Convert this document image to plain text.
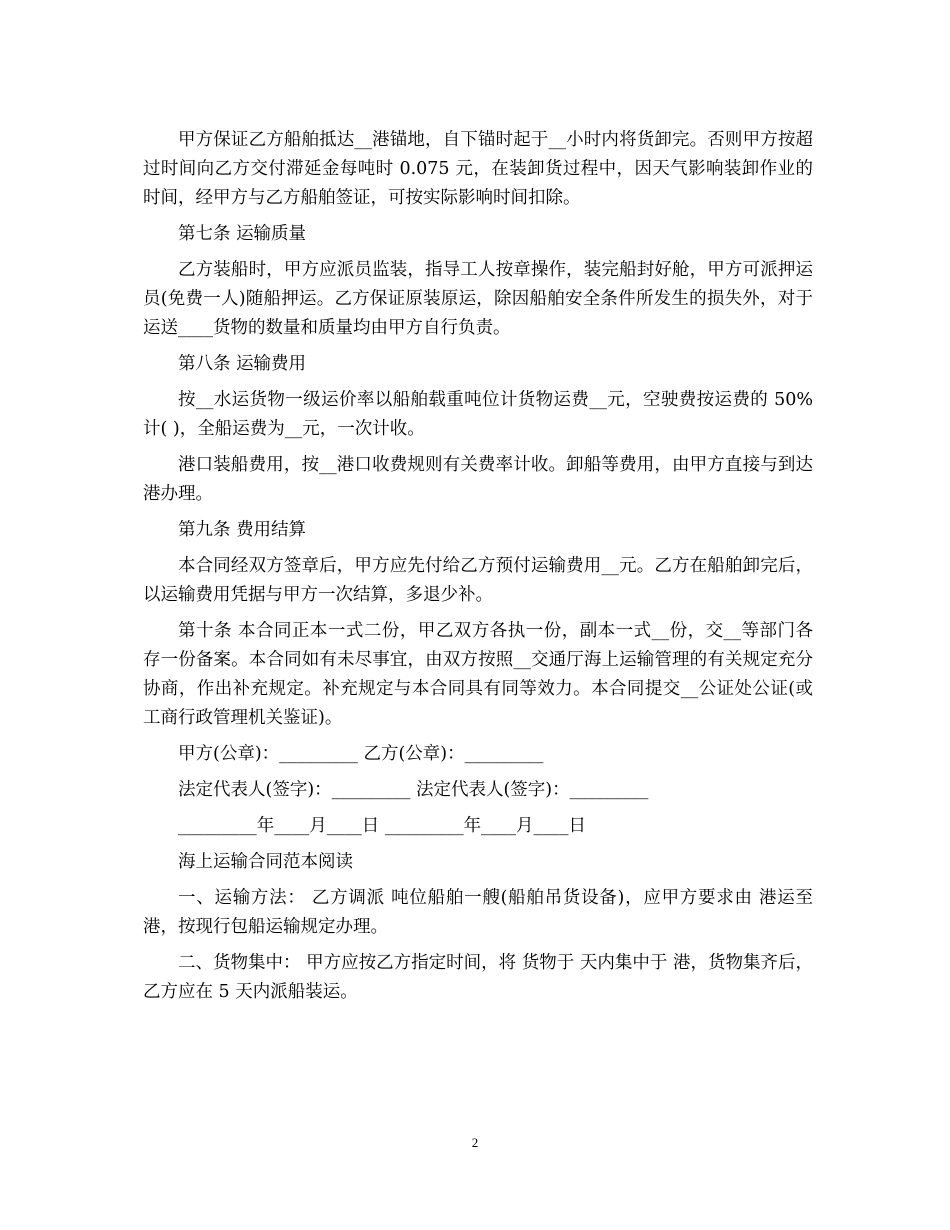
甲方保证乙方船舶抵达__港锚地，自下锚时起于__小时内将货卸完。否则甲方按超过时间向乙方交付滞延金每吨时 0.075 元，在装卸货过程中，因天气影响装卸作业的时间，经甲方与乙方船舶签证，可按实际影响时间扣除。

第七条 运输质量

乙方装船时，甲方应派员监装，指导工人按章操作，装完船封好舱，甲方可派押运员(免费一人)随船押运。乙方保证原装原运，除因船舶安全条件所发生的损失外，对于运送____货物的数量和质量均由甲方自行负责。

第八条 运输费用

按__水运货物一级运价率以船舶载重吨位计货物运费__元，空驶费按运费的 50%计( )，全船运费为__元，一次计收。

港口装船费用，按__港口收费规则有关费率计收。卸船等费用，由甲方直接与到达港办理。

第九条 费用结算

本合同经双方签章后，甲方应先付给乙方预付运输费用__元。乙方在船舶卸完后，以运输费用凭据与甲方一次结算，多退少补。

第十条 本合同正本一式二份，甲乙双方各执一份，副本一式__份，交__等部门各存一份备案。本合同如有未尽事宜，由双方按照__交通厅海上运输管理的有关规定充分协商，作出补充规定。补充规定与本合同具有同等效力。本合同提交__公证处公证(或工商行政管理机关鉴证)。

甲方(公章)：_________ 乙方(公章)：_________

法定代表人(签字)：_________ 法定代表人(签字)：_________

_________年____月____日 _________年____月____日

海上运输合同范本阅读

一、运输方法： 乙方调派 吨位船舶一艘(船舶吊货设备)，应甲方要求由 港运至 港，按现行包船运输规定办理。

二、货物集中： 甲方应按乙方指定时间，将 货物于 天内集中于 港，货物集齐后，乙方应在 5 天内派船装运。

2
